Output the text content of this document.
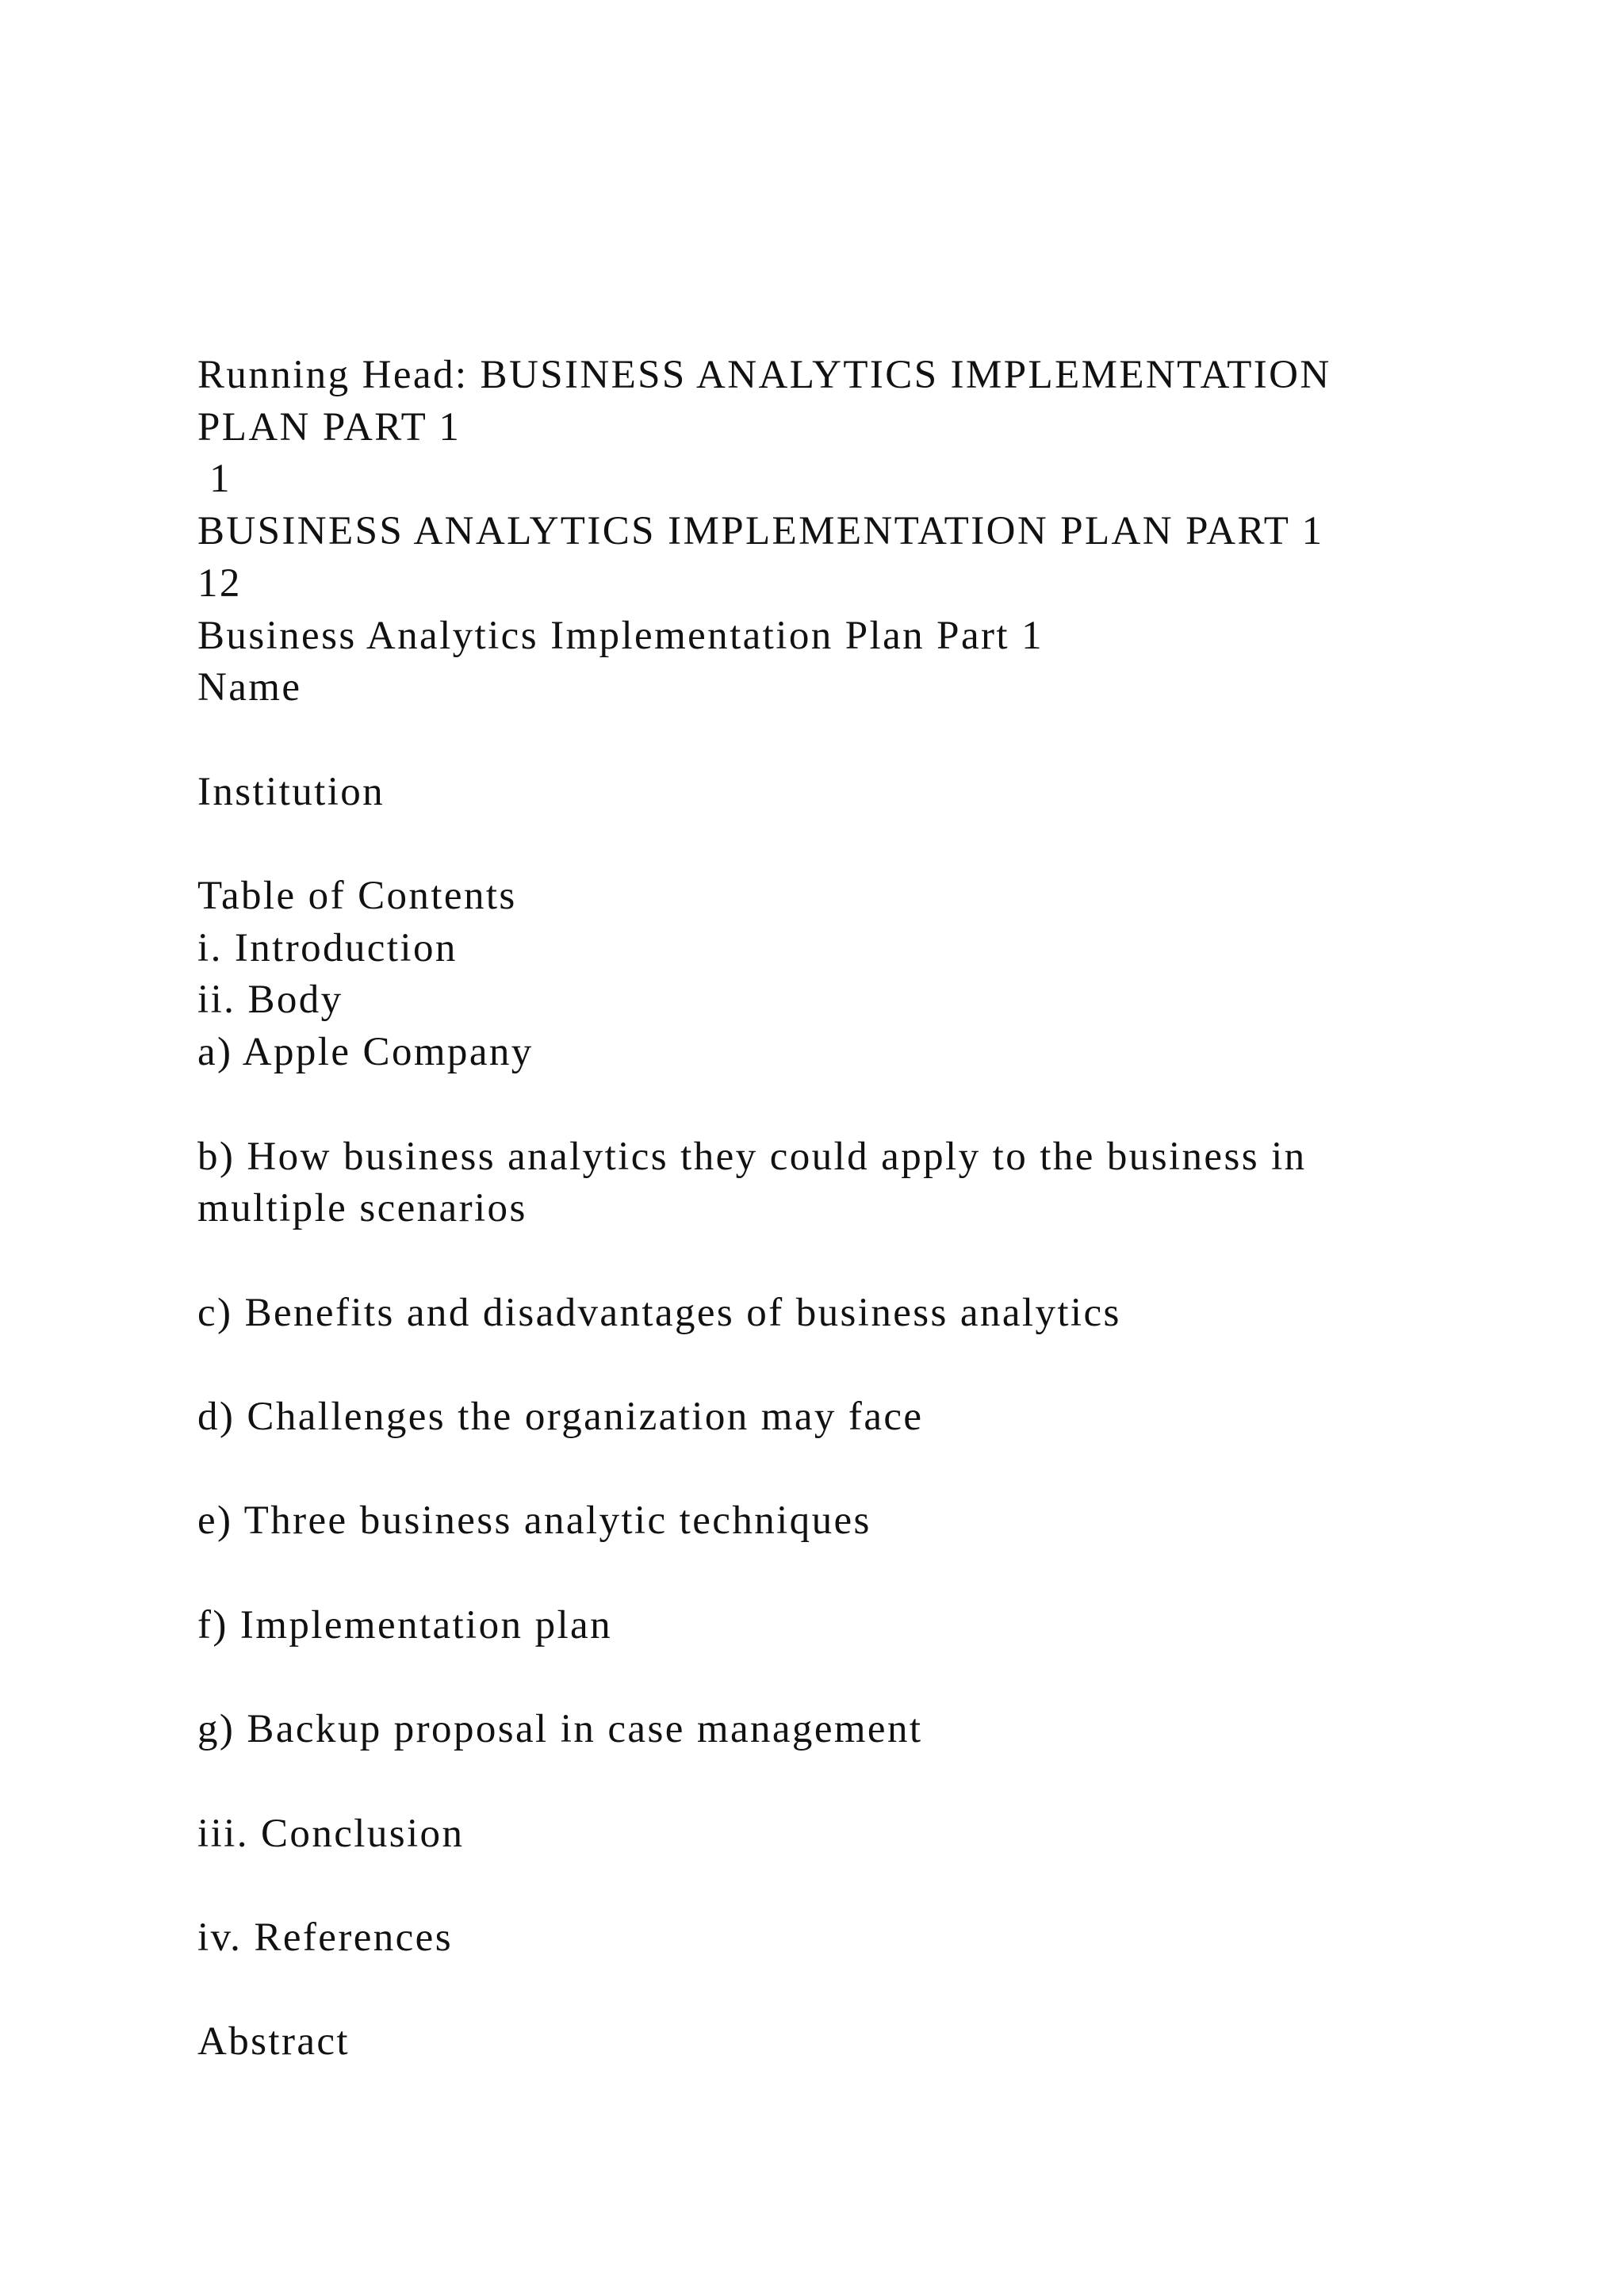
Running Head: BUSINESS ANALYTICS IMPLEMENTATION
PLAN PART 1
1
BUSINESS ANALYTICS IMPLEMENTATION PLAN PART 1
12
Business Analytics Implementation Plan Part 1
Name
Institution
Table of Contents
i. Introduction
ii. Body
a) Apple Company
b) How business analytics they could apply to the business in
multiple scenarios
c) Benefits and disadvantages of business analytics
d) Challenges the organization may face
e) Three business analytic techniques
f) Implementation plan
g) Backup proposal in case management
iii. Conclusion
iv. References
Abstract
